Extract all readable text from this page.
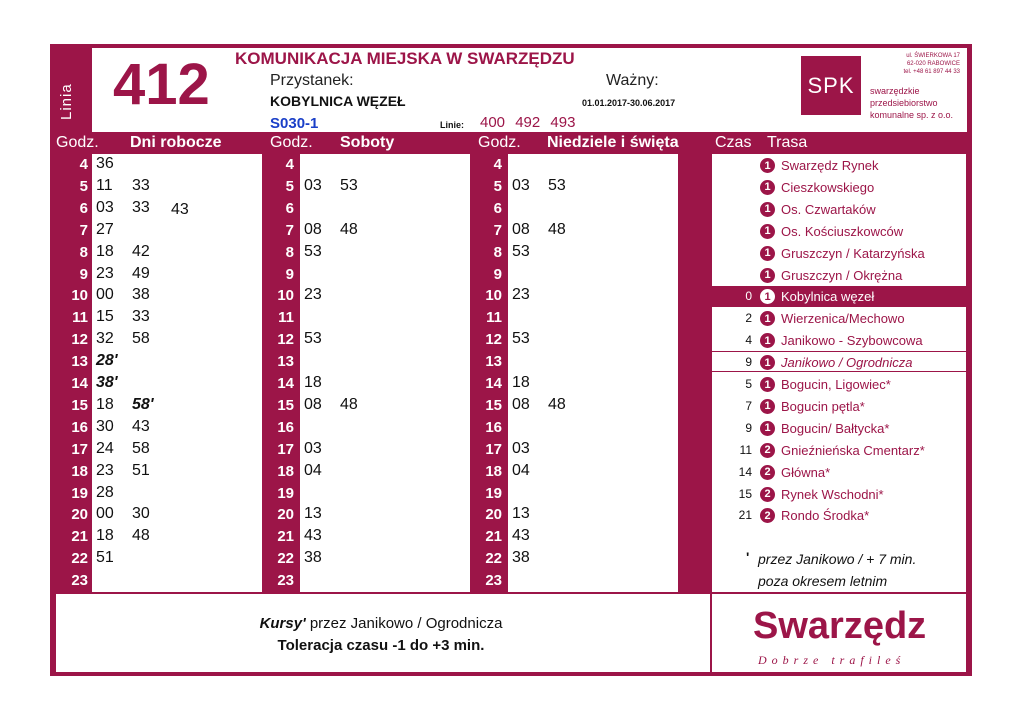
Linia 412 KOMUNIKACJA MIEJSKA W SWARZĘDZU
Przystanek:	Ważny:
KOBYLNICA WĘZEŁ	01.01.2017-30.06.2017
S030-1	Linie: 400 492 493
SPK
ul. ŚWIERKOWA 17
62-020 RABOWICE
tel. +48 61 897 44 33
swarzędzkie
przedsiebiorstwo
komunalne sp. z o.o.
Godz. Dni robocze	Godz. Soboty	Godz. Niedziele i święta Czas Trasa
4 36	4	4
5 11 33	5 03 53	5 03 53
6 03 33 43	6	6
7 27	7 08 48	7 08 48
8 18 42	8 53	8 53
9 23 49	9	9
10 00 38	10 23	10 23
11 15 33	11	11
12 32 58	12 53	12 53
13 28'	13	13
14 38'	14 18	14 18
15 18 58'	15 08 48	15 08 48
16 30 43	16	16
17 24 58	17 03	17 03
18 23 51	18 04	18 04
19 28	19	19
20 00 30	20 13	20 13
21 18 48	21 43	21 43
22 51	22 38	22 38
23	23	23
1 Swarzędz Rynek
1 Cieszkowskiego
1 Os. Czwartaków
1 Os. Kościuszkowców
1 Gruszczyn / Katarzyńska
1 Gruszczyn / Okrężna
0	1 Kobylnica węzeł
2	1 Wierzenica/Mechowo
4	1 Janikowo - Szybowcowa
9	1 Janikowo / Ogrodnicza
5	1 Bogucin, Ligowiec*
7	1 Bogucin pętla*
9	1 Bogucin/ Bałtycka*
11	2 Gnieźnieńska Cmentarz*
14	2 Główna*
15	2 Rynek Wschodni*
21	2 Rondo Środka*
' przez Janikowo / + 7 min.
poza okresem letnim
Kursy' przez Janikowo / Ogrodnicza
Toleracja czasu -1 do +3 min.	Swarzędz
Dobrze trafileś
